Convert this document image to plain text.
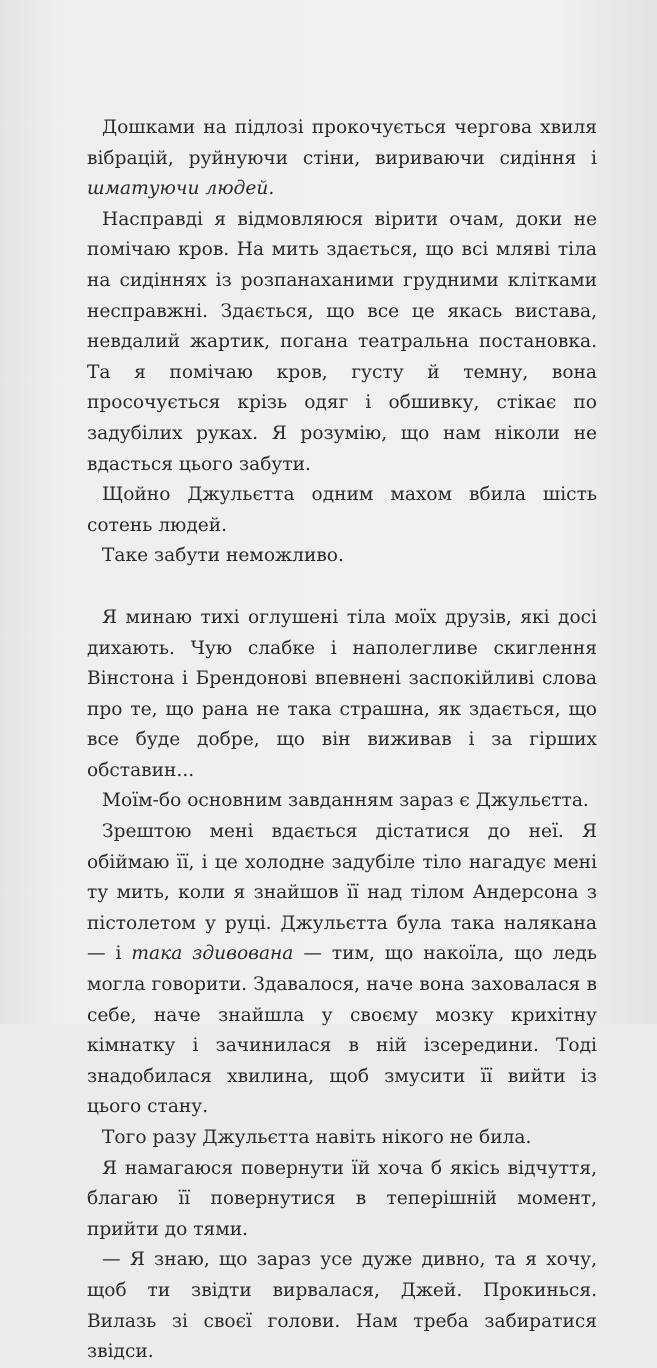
Дошками на підлозі прокочується чергова хвиля вібрацій, руйнуючи стіни, вириваючи сидіння і шматуючи людей.

Насправді я відмовляюся вірити очам, доки не помічаю кров. На мить здається, що всі мляві тіла на сидіннях із розпанаханими грудними клітками несправжні. Здається, що все це якась вистава, невдалий жартик, погана театральна постановка. Та я помічаю кров, густу й темну, вона просочується крізь одяг і обшивку, стікає по задубілих руках. Я розумію, що нам ніколи не вдасться цього забути.

Щойно Джульєтта одним махом вбила шість сотень людей.

Таке забути неможливо.

Я минаю тихі оглушені тіла моїх друзів, які досі дихають. Чую слабке і наполегливе скиглення Вінстона і Брендонові впевнені заспокійливі слова про те, що рана не така страшна, як здається, що все буде добре, що він виживав і за гірших обставин...

Моїм-бо основним завданням зараз є Джульєтта.

Зрештою мені вдається дістатися до неї. Я обіймаю її, і це холодне задубіле тіло нагадує мені ту мить, коли я знайшов її над тілом Андерсона з пістолетом у руці. Джульєтта була така налякана — і така здивована — тим, що накоїла, що ледь могла говорити. Здавалося, наче вона заховалася в себе, наче знайшла у своєму мозку крихітну кімнатку і зачинилася в ній ізсередини. Тоді знадобилася хвилина, щоб змусити її вийти із цього стану.

Того разу Джульєтта навіть нікого не била.

Я намагаюся повернути їй хоча б якісь відчуття, благаю її повернутися в теперішній момент, прийти до тями.

— Я знаю, що зараз усе дуже дивно, та я хочу, щоб ти звідти вирвалася, Джей. Прокинься. Вилазь зі своєї голови. Нам треба забиратися звідси.
